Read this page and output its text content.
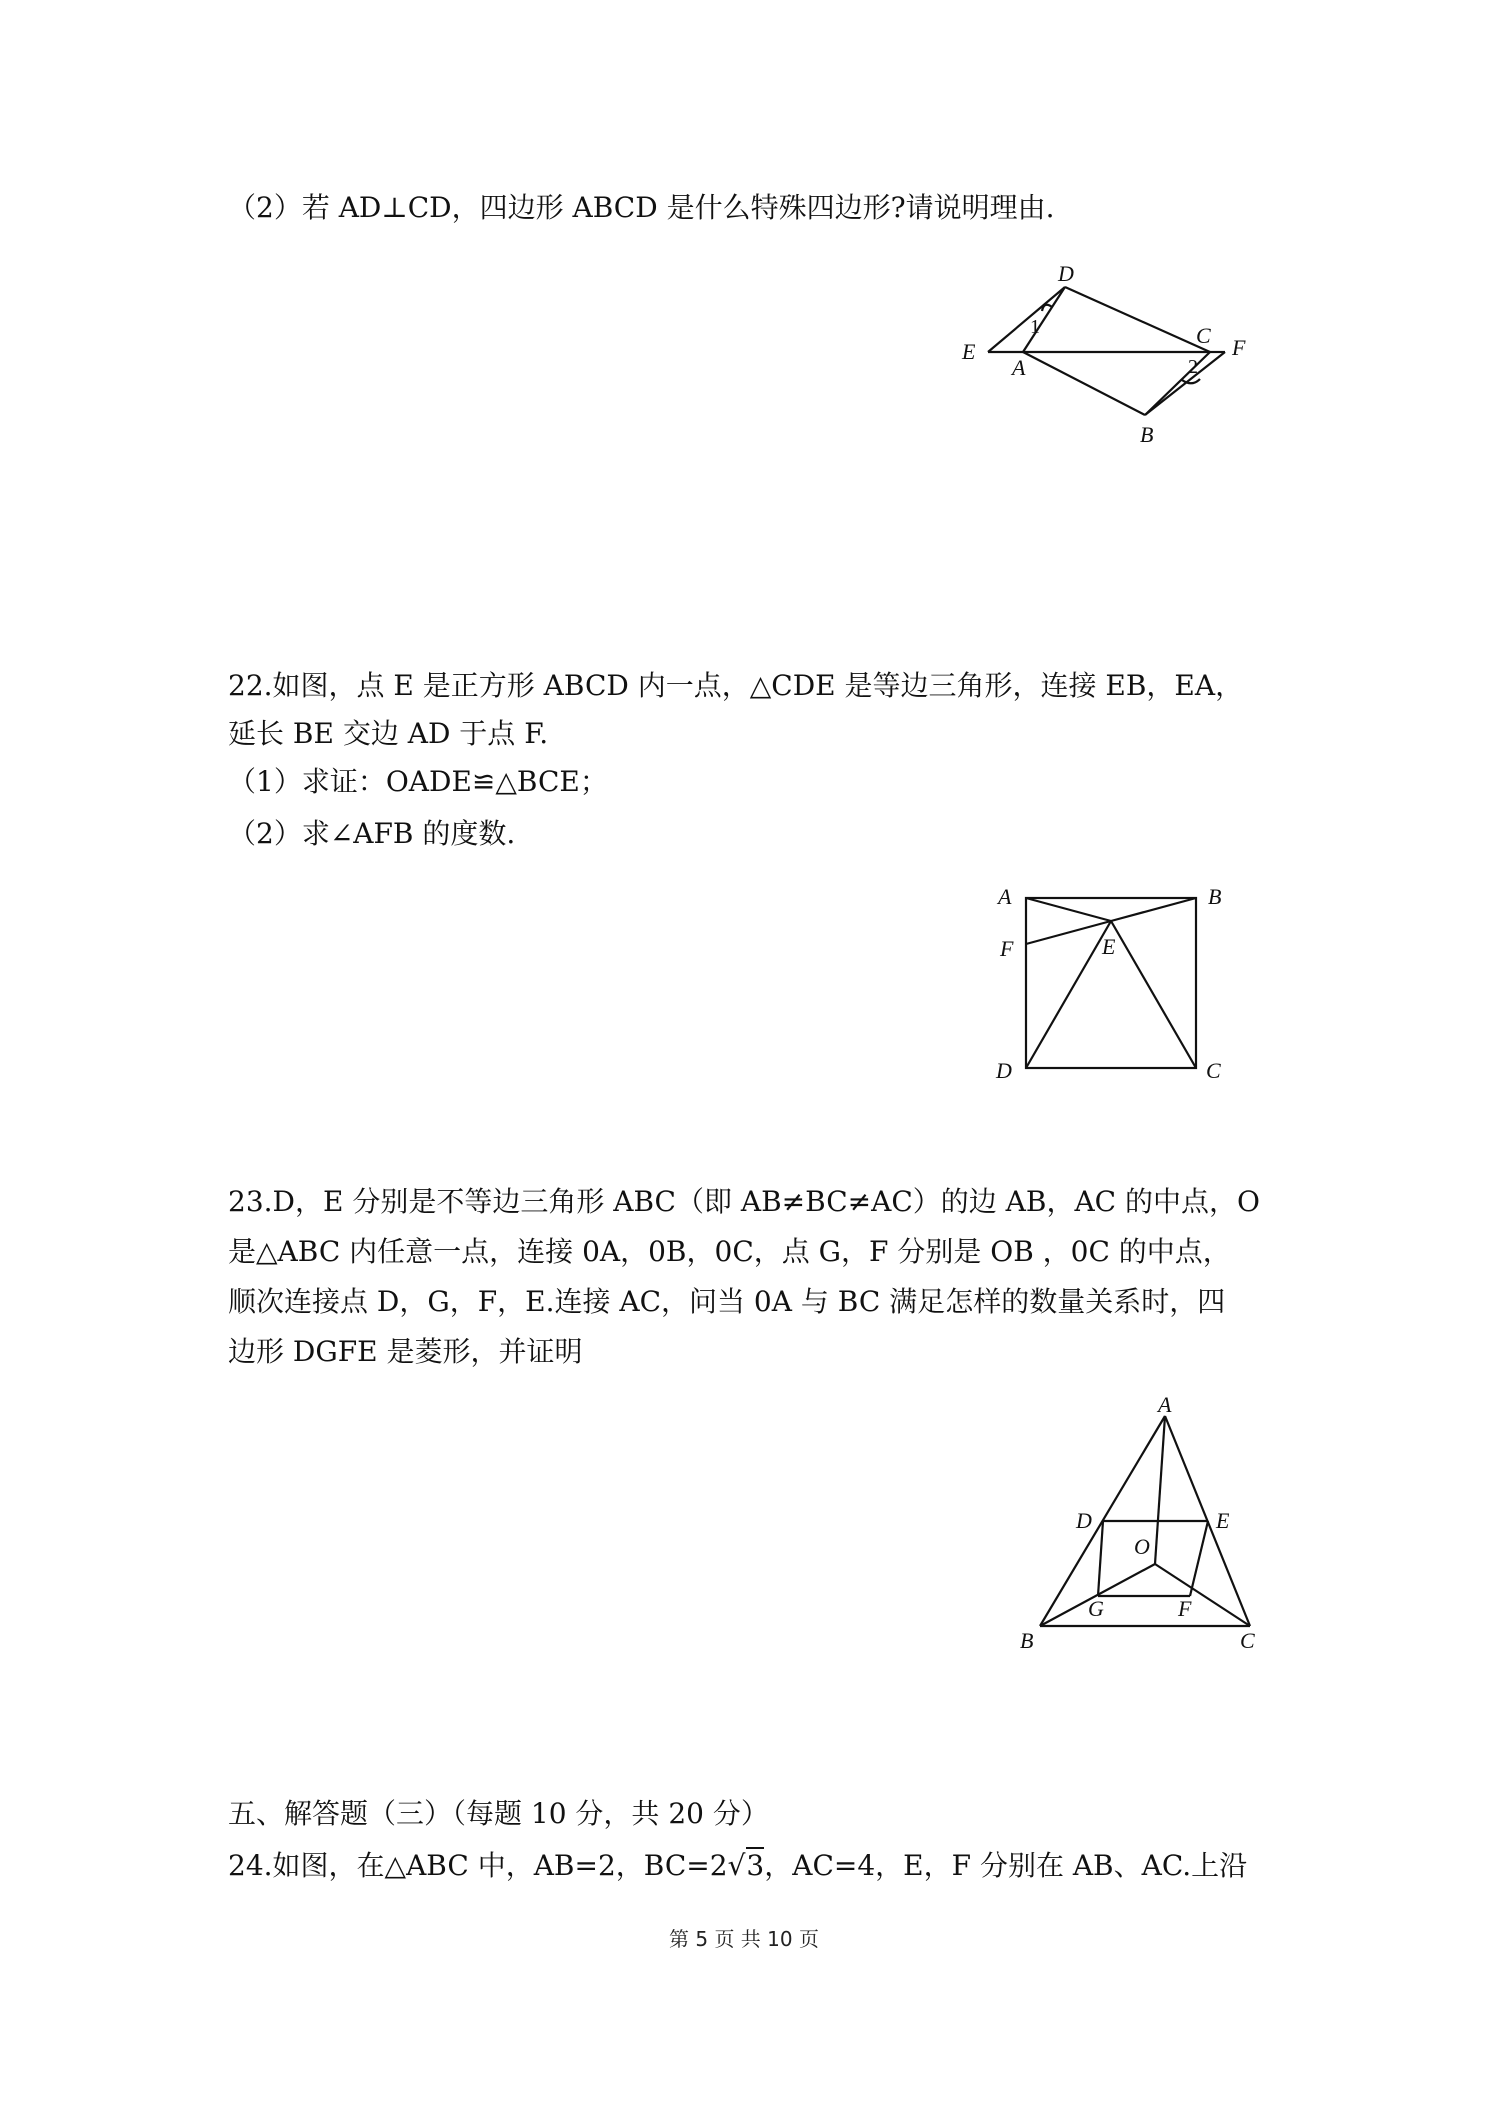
（2）若 AD⊥CD，四边形 ABCD 是什么特殊四边形?请说明理由.
D
E
A
C F
B
1
2
22.如图，点 E 是正方形 ABCD 内一点，△CDE 是等边三角形，连接 EB，EA，
延长 BE 交边 AD 于点 F.
（1）求证：OADE≌△BCE；
（2）求∠AFB 的度数.
A	B
F	E
D	C
23.D，E 分别是不等边三角形 ABC（即 AB≠BC≠AC）的边 AB，AC 的中点，O
是△ABC 内任意一点，连接 0A，0B，0C，点 G，F 分别是 OB ，0C 的中点，
顺次连接点 D，G，F，E.连接 AC，问当 0A 与 BC 满足怎样的数量关系时，四
边形 DGFE 是菱形，并证明
A
D	E
O
G	F
B	C
五、解答题（三）（每题 10 分，共 20 分）
24.如图，在△ABC 中，AB=2，BC=2√3，AC=4，E，F 分别在 AB、AC.上沿
第 5 页 共 10 页
